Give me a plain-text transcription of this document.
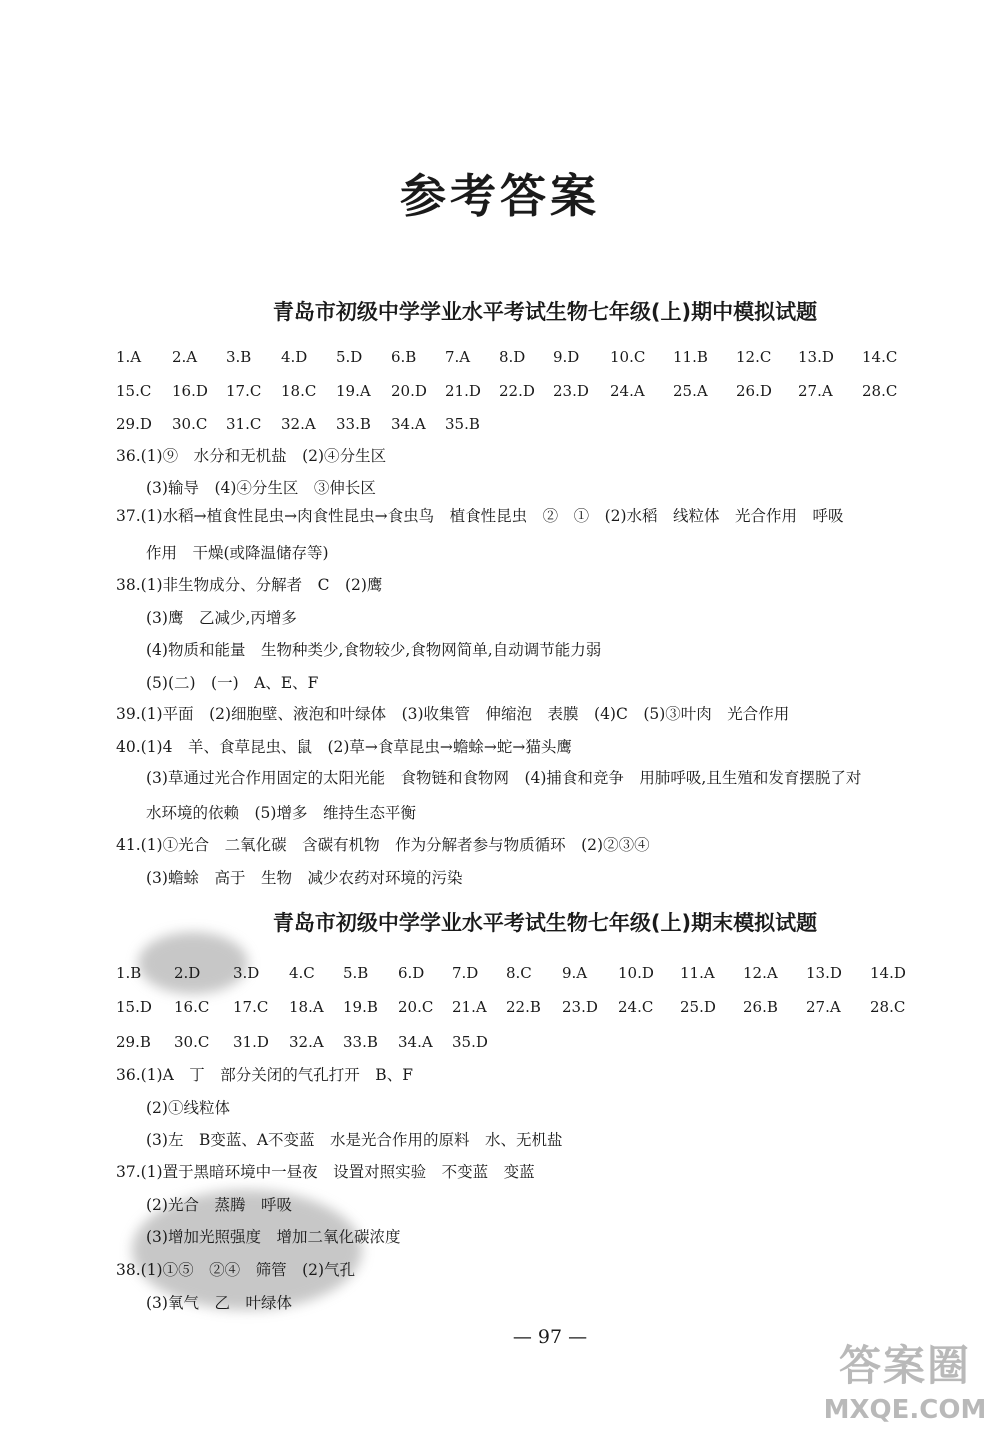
参考答案
青岛市初级中学学业水平考试生物七年级(上)期中模拟试题
1.A 2.A 3.B 4.D 5.D 6.B 7.A 8.D 9.D 10.C 11.B 12.C 13.D 14.C
15.C 16.D 17.C 18.C 19.A 20.D 21.D 22.D 23.D 24.A 25.A 26.D 27.A 28.C
29.D 30.C 31.C 32.A 33.B 34.A 35.B
36.(1)⑨　水分和无机盐　(2)④分生区
(3)输导　(4)④分生区　③伸长区
37.(1)水稻→植食性昆虫→肉食性昆虫→食虫鸟　植食性昆虫　②　①　(2)水稻　线粒体　光合作用　呼吸
作用　干燥(或降温储存等)
38.(1)非生物成分、分解者　C　(2)鹰
(3)鹰　乙减少,丙增多
(4)物质和能量　生物种类少,食物较少,食物网简单,自动调节能力弱
(5)(二)　(一)　A、E、F
39.(1)平面　(2)细胞壁、液泡和叶绿体　(3)收集管　伸缩泡　表膜　(4)C　(5)③叶肉　光合作用
40.(1)4　羊、食草昆虫、鼠　(2)草→食草昆虫→蟾蜍→蛇→猫头鹰
(3)草通过光合作用固定的太阳光能　食物链和食物网　(4)捕食和竞争　用肺呼吸,且生殖和发育摆脱了对
水环境的依赖　(5)增多　维持生态平衡
41.(1)①光合　二氧化碳　含碳有机物　作为分解者参与物质循环　(2)②③④
(3)蟾蜍　高于　生物　减少农药对环境的污染
青岛市初级中学学业水平考试生物七年级(上)期末模拟试题
1.B 2.D 3.D 4.C 5.B 6.D 7.D 8.C 9.A 10.D 11.A 12.A 13.D 14.D
15.D 16.C 17.C 18.A 19.B 20.C 21.A 22.B 23.D 24.C 25.D 26.B 27.A 28.C
29.B 30.C 31.D 32.A 33.B 34.A 35.D
36.(1)A　丁　部分关闭的气孔打开　B、F
(2)①线粒体
(3)左　B变蓝、A不变蓝　水是光合作用的原料　水、无机盐
37.(1)置于黑暗环境中一昼夜　设置对照实验　不变蓝　变蓝
(2)光合　蒸腾　呼吸
(3)增加光照强度　增加二氧化碳浓度
38.(1)①⑤　②④　筛管　(2)气孔
(3)氧气　乙　叶绿体
— 97 —
答案圈
MXQE.COM
